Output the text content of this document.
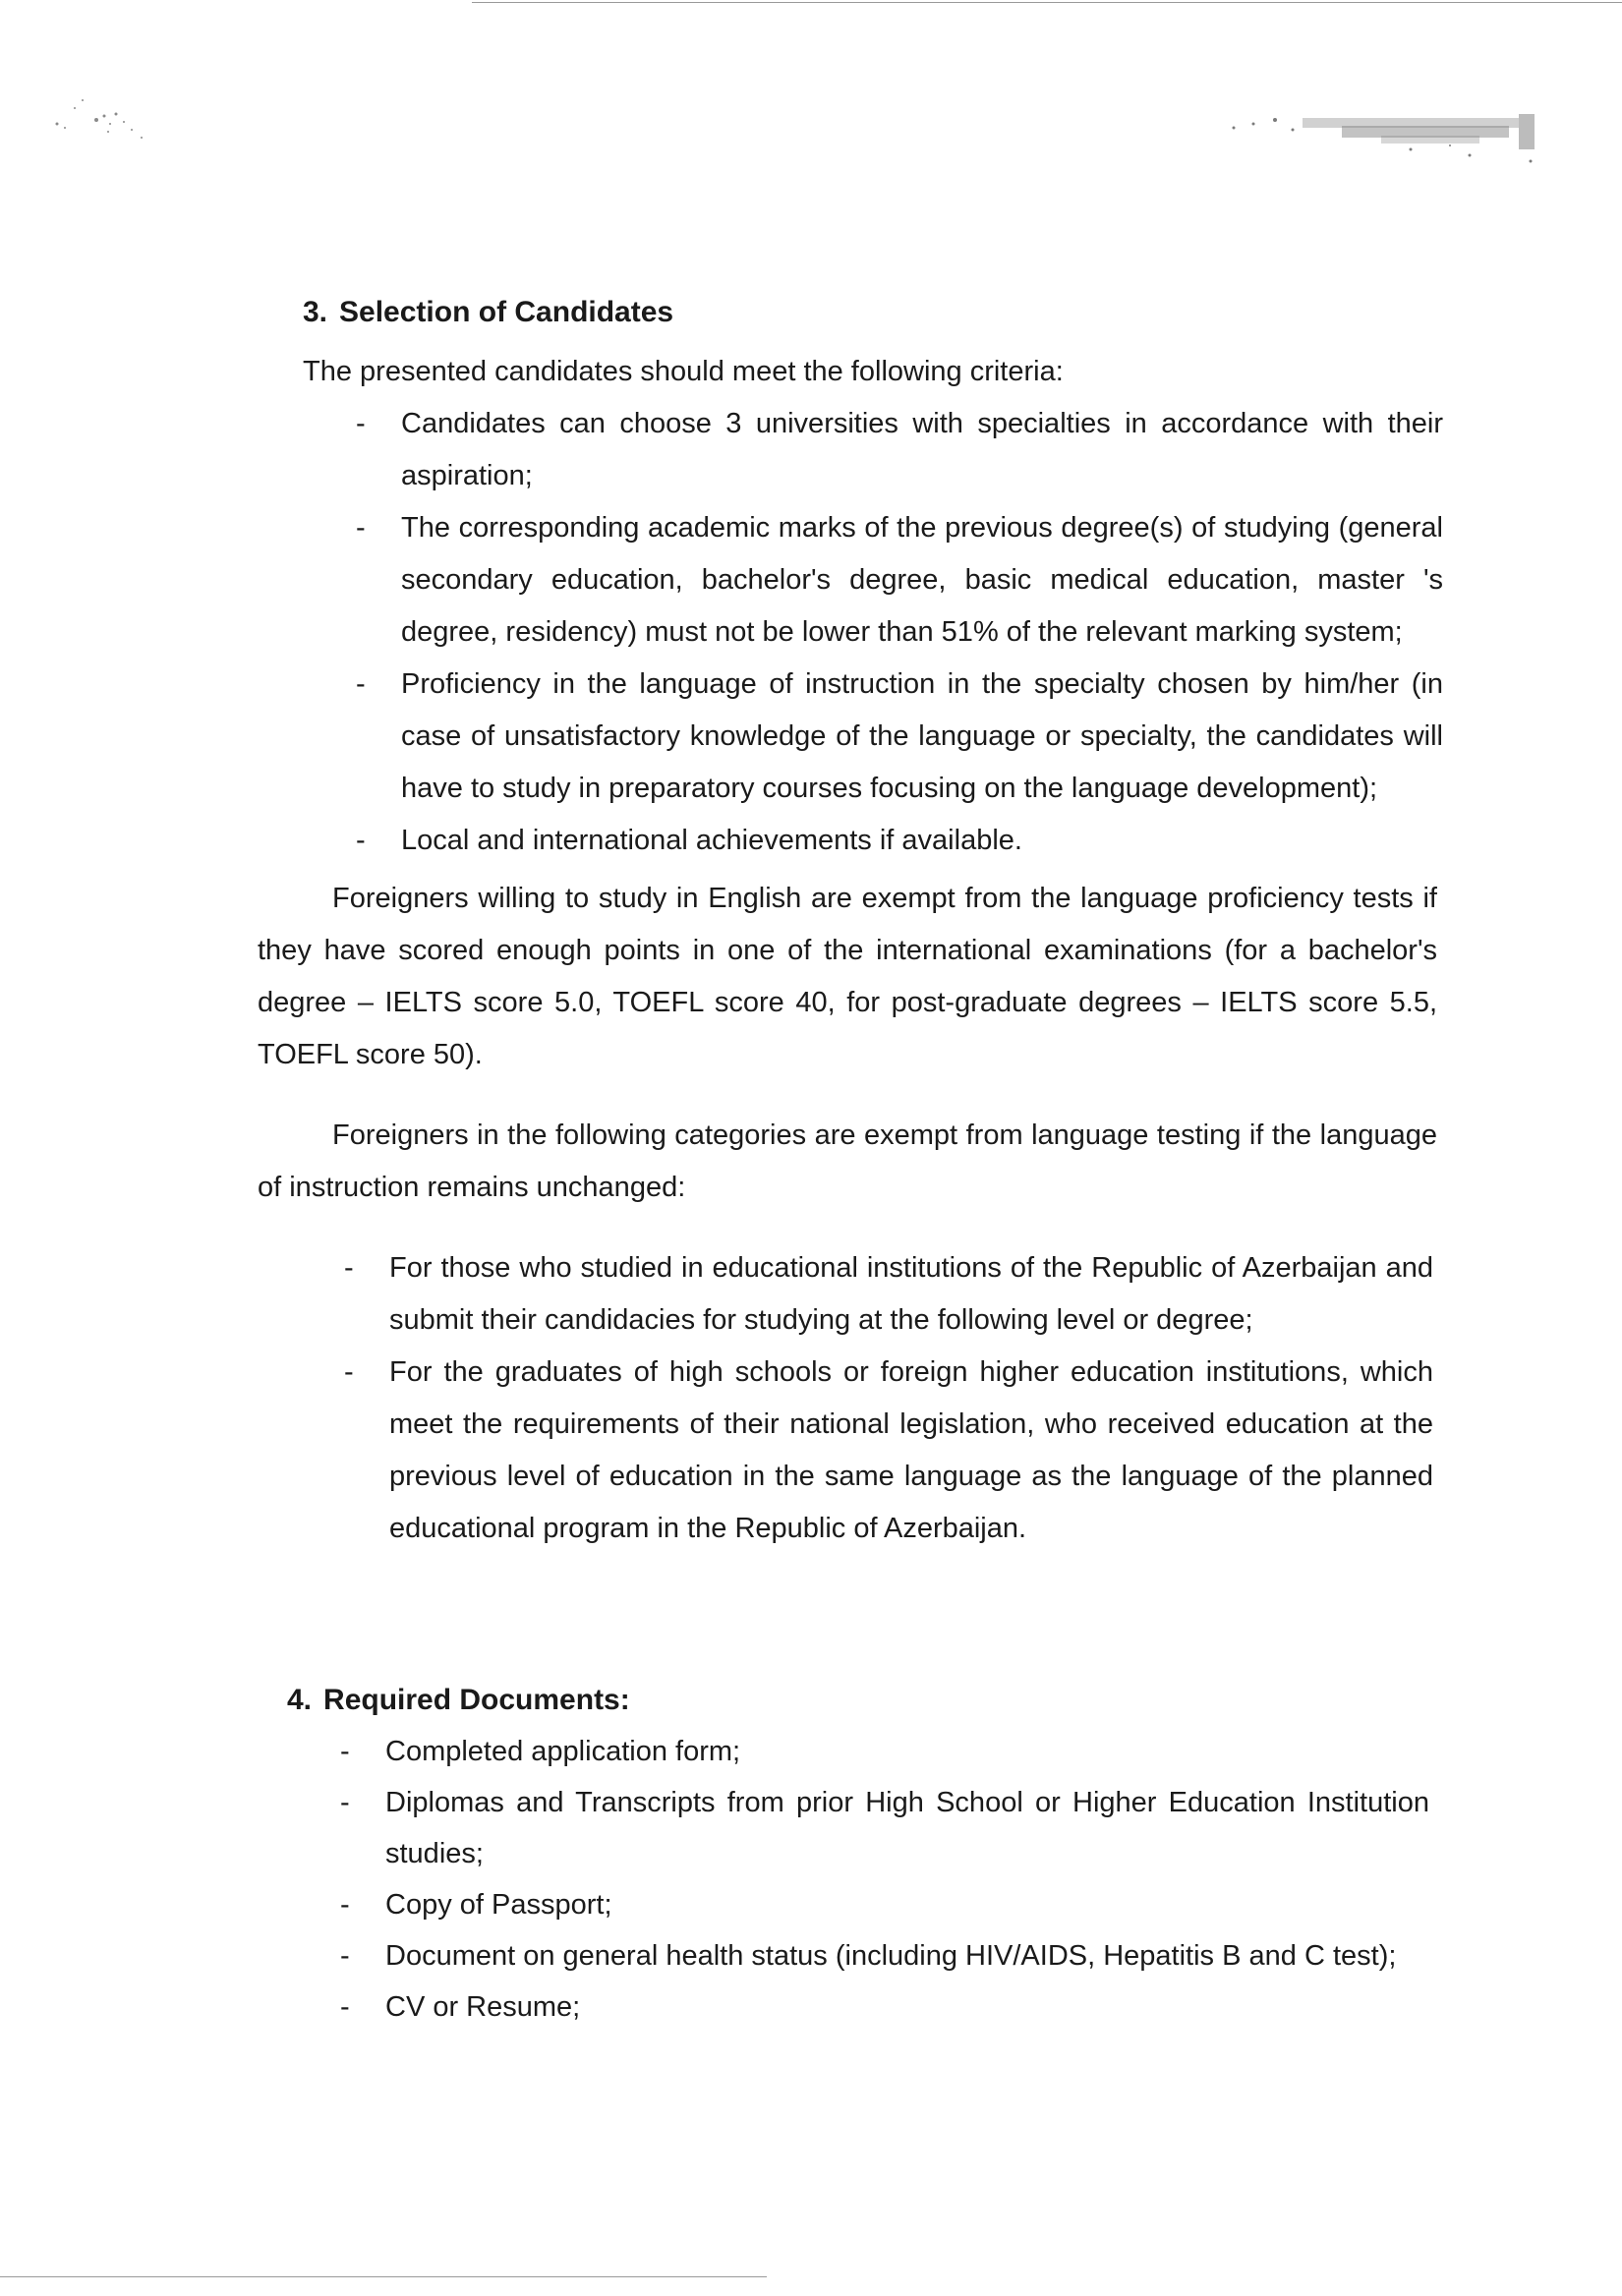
3. Selection of Candidates

The presented candidates should meet the following criteria:

- Candidates can choose 3 universities with specialties in accordance with their aspiration;
- The corresponding academic marks of the previous degree(s) of studying (general secondary education, bachelor's degree, basic medical education, master 's degree, residency) must not be lower than 51% of the relevant marking system;
- Proficiency in the language of instruction in the specialty chosen by him/her (in case of unsatisfactory knowledge of the language or specialty, the candidates will have to study in preparatory courses focusing on the language development);
- Local and international achievements if available.

Foreigners willing to study in English are exempt from the language proficiency tests if they have scored enough points in one of the international examinations (for a bachelor's degree – IELTS score 5.0, TOEFL score 40, for post-graduate degrees – IELTS score 5.5, TOEFL score 50).

Foreigners in the following categories are exempt from language testing if the language of instruction remains unchanged:

- For those who studied in educational institutions of the Republic of Azerbaijan and submit their candidacies for studying at the following level or degree;
- For the graduates of high schools or foreign higher education institutions, which meet the requirements of their national legislation, who received education at the previous level of education in the same language as the language of the planned educational program in the Republic of Azerbaijan.
4. Required Documents:
- Completed application form;
- Diplomas and Transcripts from prior High School or Higher Education Institution studies;
- Copy of Passport;
- Document on general health status (including HIV/AIDS, Hepatitis B and C test);
- CV or Resume;
